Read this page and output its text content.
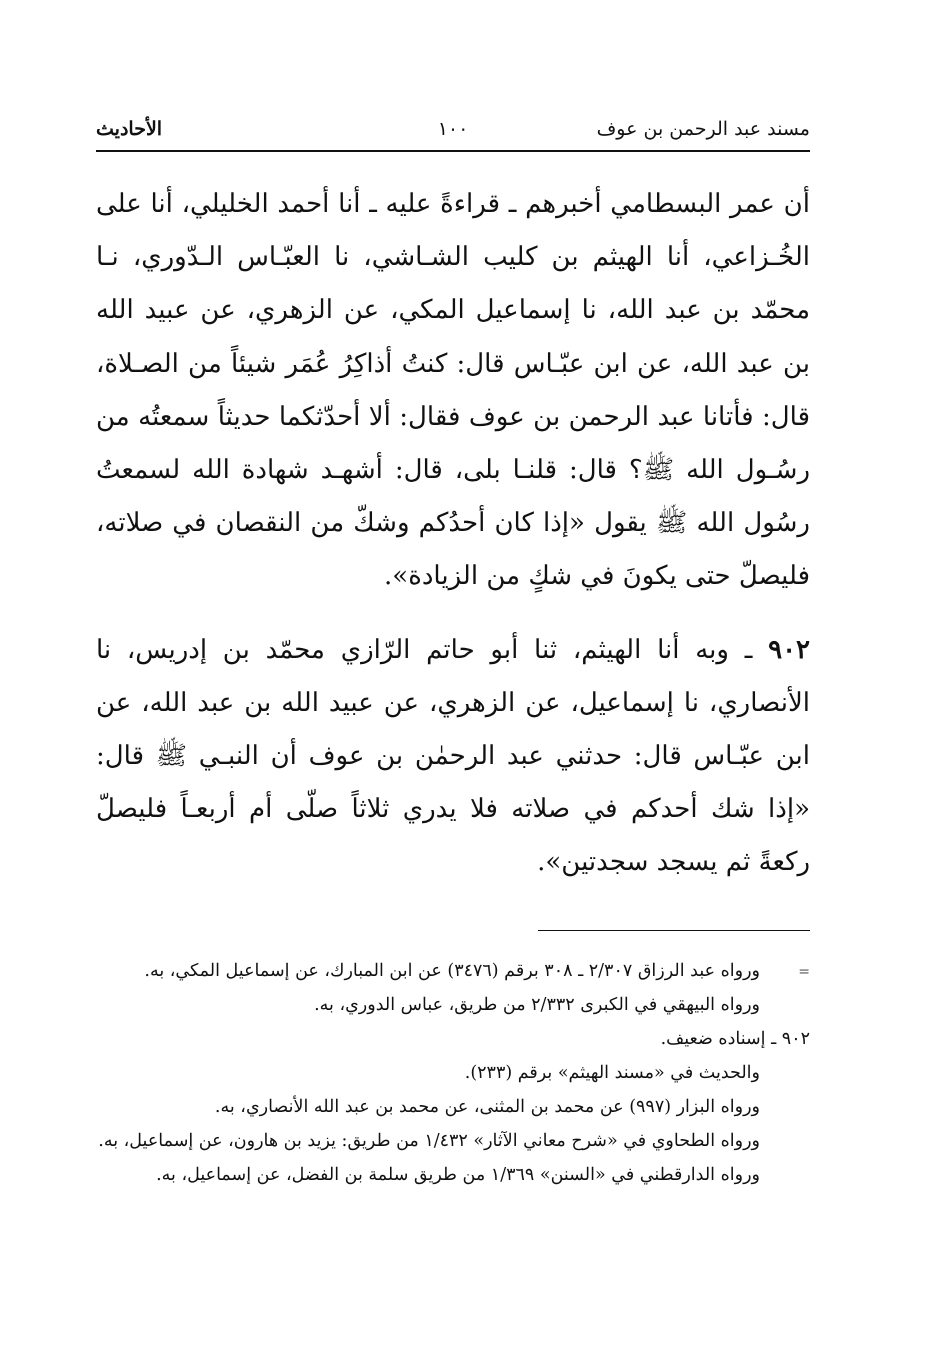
مسند عبد الرحمن بن عوف
١٠٠
الأحاديث

أن عمر البسطامي أخبرهم ـ قراءةً عليه ـ أنا أحمد الخليلي، أنا على الخُـزاعي، أنا الهيثم بن كليب الشـاشي، نا العبّـاس الـدّوري، نـا محمّد بن عبد الله، نا إسماعيل المكي، عن الزهري، عن عبيد الله بن عبد الله، عن ابن عبّـاس قال: كنتُ أذاكِرُ عُمَر شيئاً من الصـلاة، قال: فأتانا عبد الرحمن بن عوف فقال: ألا أحدّثكما حديثاً سمعتُه من رسُـول الله ﷺ؟ قال: قلنـا بلى، قال: أشهـد شهادة الله لسمعتُ رسُول الله ﷺ يقول «إذا كان أحدُكم وشكّ من النقصان في صلاته، فليصلّ حتى يكونَ في شكٍ من الزيادة».

٩٠٢ ـ وبه أنا الهيثم، ثنا أبو حاتم الرّازي محمّد بن إدريس، نا الأنصاري، نا إسماعيل، عن الزهري، عن عبيد الله بن عبد الله، عن ابن عبّـاس قال: حدثني عبد الرحمٰن بن عوف أن النبـي ﷺ قال: «إذا شك أحدكم في صلاته فلا يدري ثلاثاً صلّى أم أربعـاً فليصلّ ركعةً ثم يسجد سجدتين».

=

ورواه عبد الرزاق ٢/٣٠٧ ـ ٣٠٨ برقم (٣٤٧٦) عن ابن المبارك، عن إسماعيل المكي، به.

ورواه البيهقي في الكبرى ٢/٣٣٢ من طريق، عباس الدوري، به.

٩٠٢ ـ إسناده ضعيف.

والحديث في «مسند الهيثم» برقم (٢٣٣).

ورواه البزار (٩٩٧) عن محمد بن المثنى، عن محمد بن عبد الله الأنصاري، به.

ورواه الطحاوي في «شرح معاني الآثار» ١/٤٣٢ من طريق: يزيد بن هارون، عن إسماعيل، به.

ورواه الدارقطني في «السنن» ١/٣٦٩ من طريق سلمة بن الفضل، عن إسماعيل، به.
